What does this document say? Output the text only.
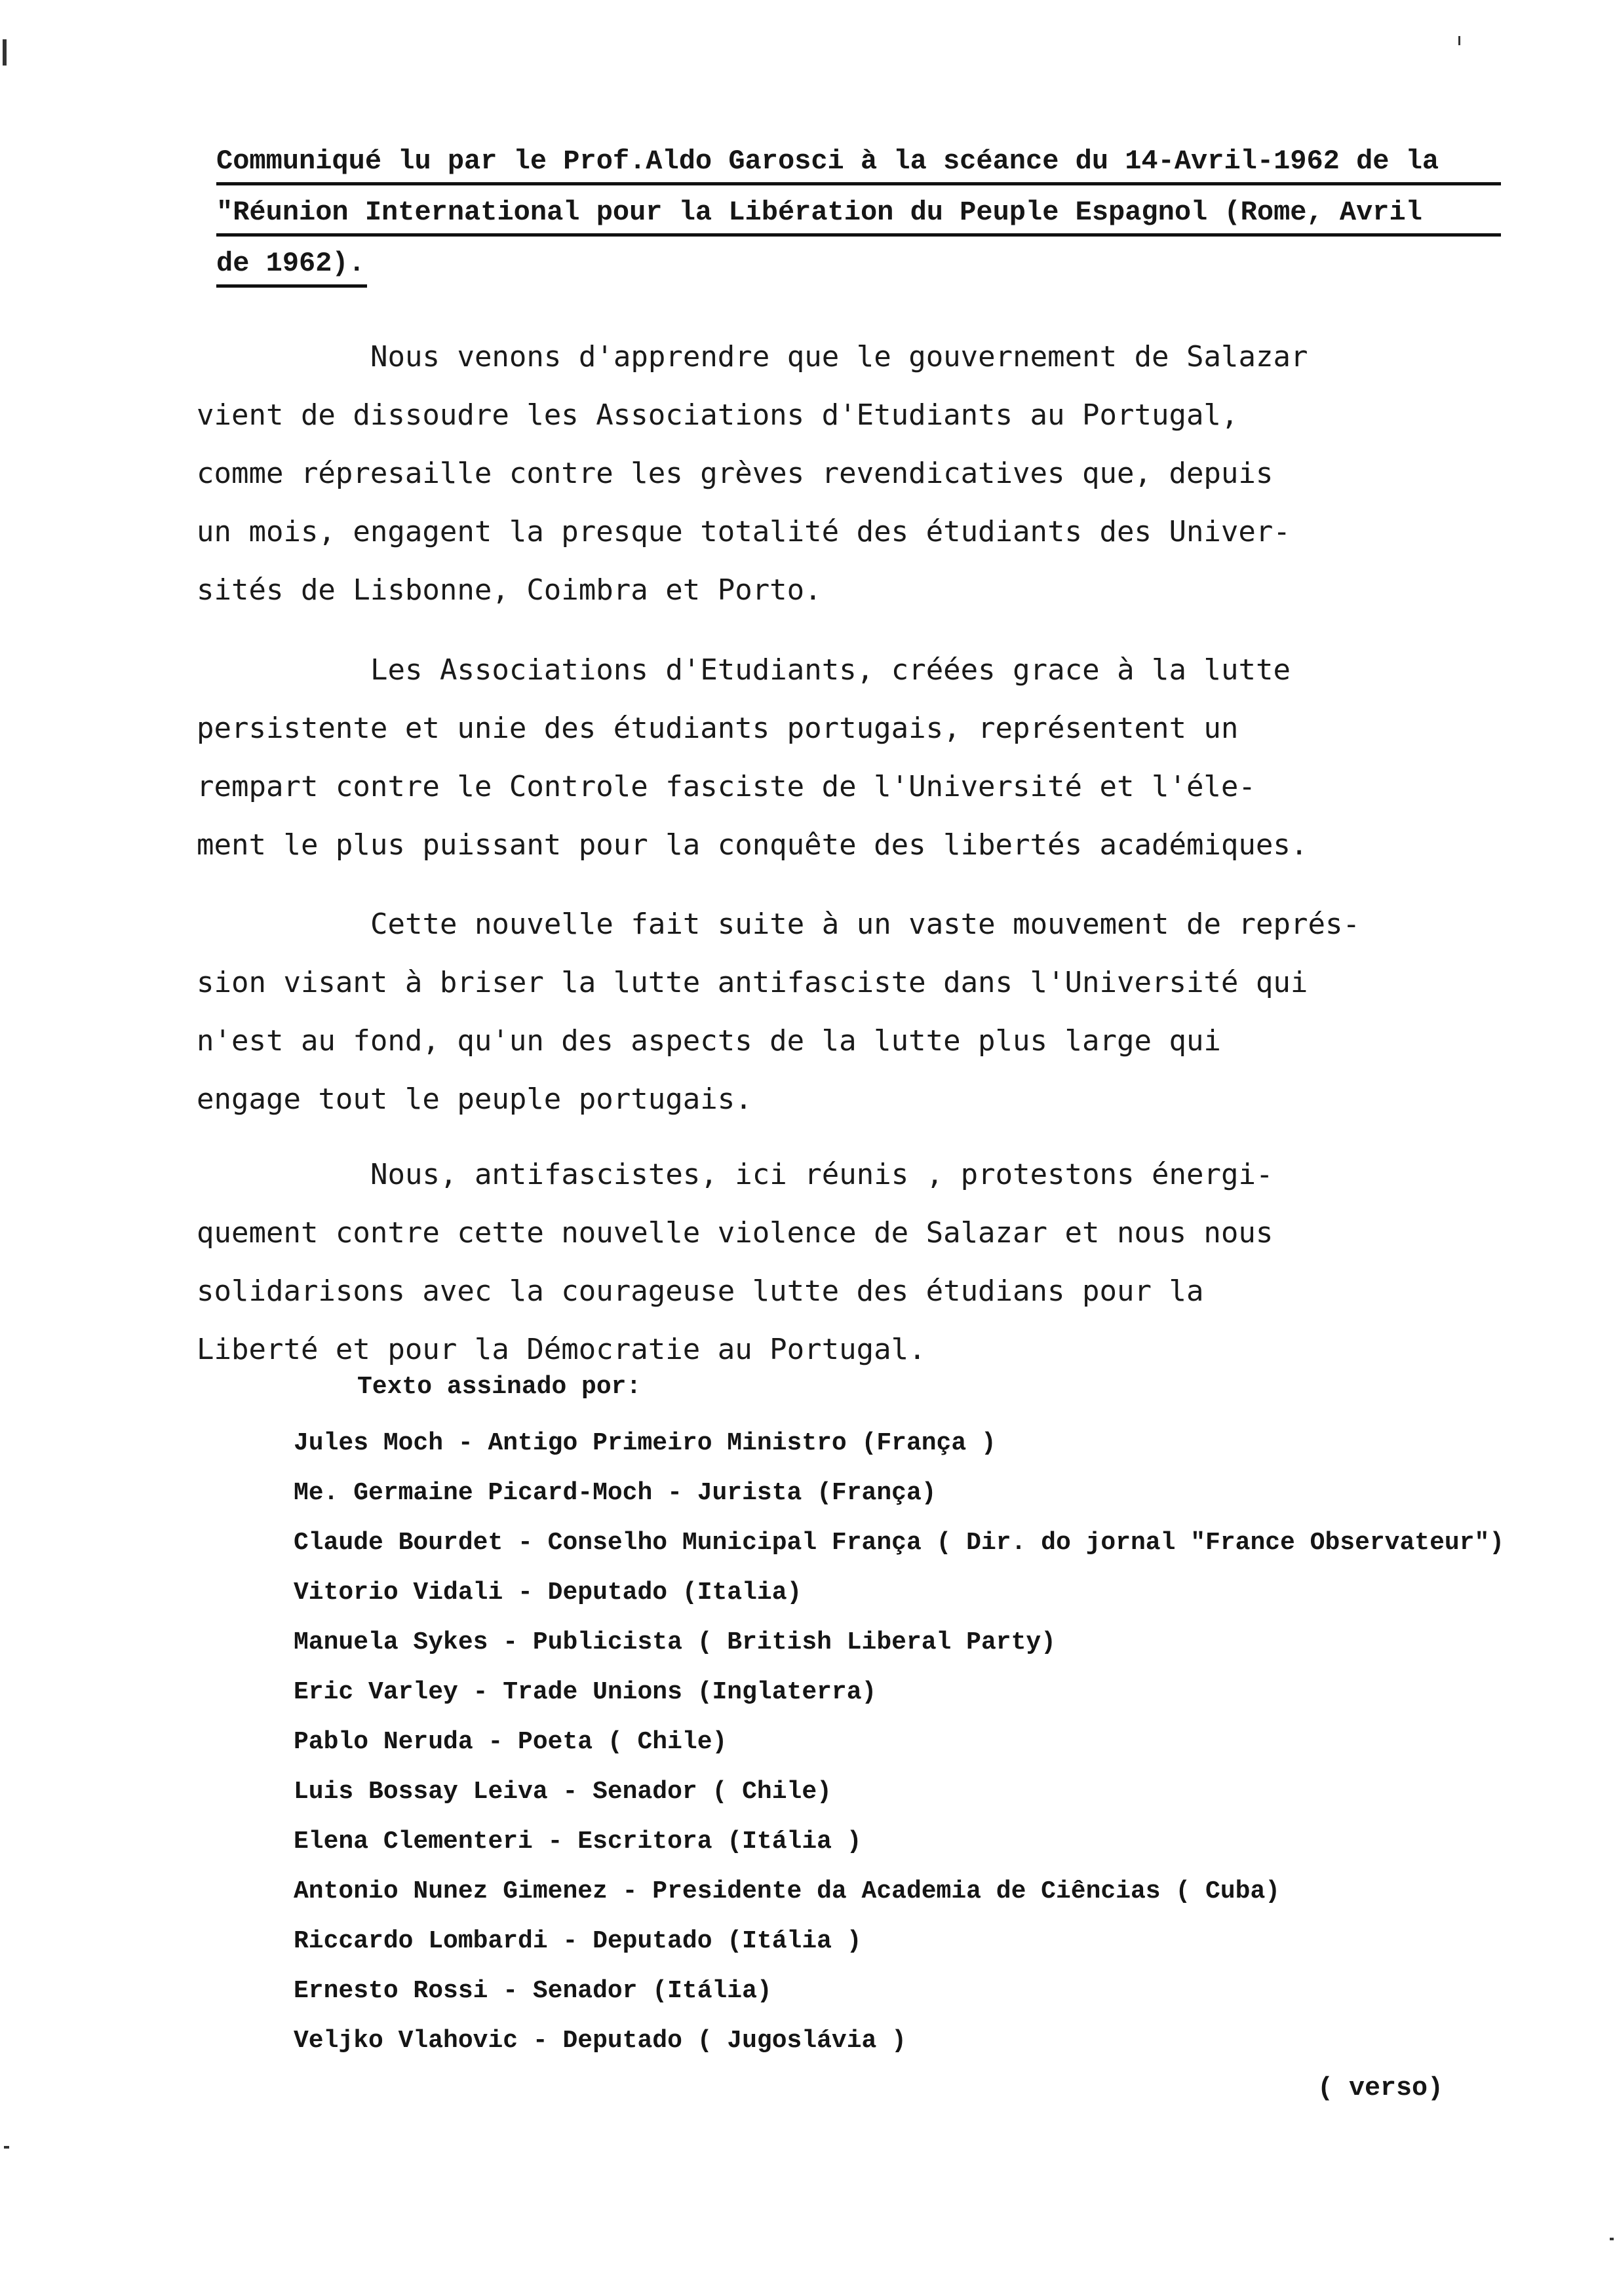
Communiqué lu par le Prof.Aldo Garosci à la scéance du 14-Avril-1962 de la
"Réunion International pour la Libération du Peuple Espagnol (Rome, Avril
de 1962).
Nous venons d'apprendre que le gouvernement de Salazar
vient de dissoudre les Associations d'Etudiants au Portugal,
comme répresaille contre les grèves revendicatives que, depuis
un mois, engagent la presque totalité des étudiants des Univer-
sités de Lisbonne, Coimbra et Porto.
Les Associations d'Etudiants, créées grace à la lutte
persistente et unie des étudiants portugais, représentent un
rempart contre le Controle fasciste de l'Université et l'éle-
ment le plus puissant pour la conquête des libertés académiques.
Cette nouvelle fait suite à un vaste mouvement de représ-
sion visant à briser la lutte antifasciste dans l'Université qui
n'est au fond, qu'un des aspects de la lutte plus large qui
engage tout le peuple portugais.
Nous, antifascistes, ici réunis , protestons énergi-
quement contre cette nouvelle violence de Salazar et nous nous
solidarisons avec la courageuse lutte des étudians pour la
Liberté et pour la Démocratie au Portugal.
Texto assinado por:
Jules Moch - Antigo Primeiro Ministro (França )
Me. Germaine Picard-Moch - Jurista (França)
Claude Bourdet - Conselho Municipal França ( Dir. do jornal "France Observateur")
Vitorio Vidali - Deputado (Italia)
Manuela Sykes - Publicista ( British Liberal Party)
Eric Varley - Trade Unions (Inglaterra)
Pablo Neruda - Poeta ( Chile)
Luis Bossay Leiva - Senador ( Chile)
Elena Clementeri - Escritora (Itália )
Antonio Nunez Gimenez - Presidente da Academia de Ciências ( Cuba)
Riccardo Lombardi - Deputado (Itália )
Ernesto Rossi - Senador (Itália)
Veljko Vlahovic - Deputado ( Jugoslávia )
( verso)
